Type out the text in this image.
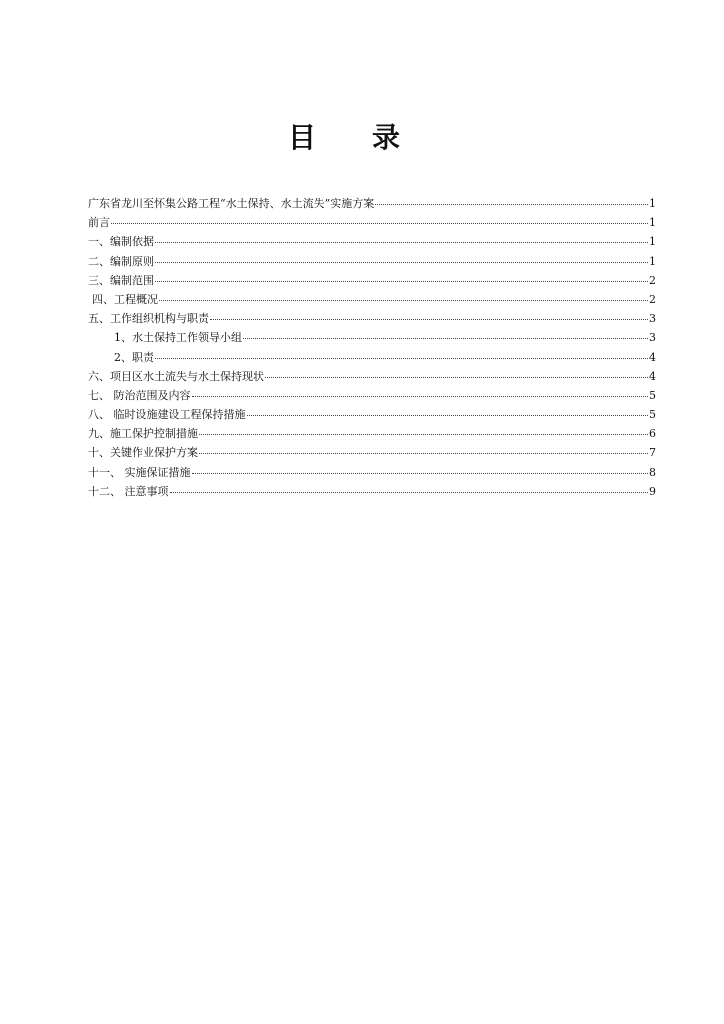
目录
广东省龙川至怀集公路工程“水土保持、水土流失”实施方案	1
前言	1
一、编制依据	1
二、编制原则	1
三、编制范围	2
四、工程概况	2
五、工作组织机构与职责	3
1、水土保持工作领导小组	3
2、职责	4
六、项目区水土流失与水土保持现状	4
七、 防治范围及内容	5
八、 临时设施建设工程保持措施	5
九、施工保护控制措施	6
十、关键作业保护方案	7
十一、 实施保证措施	8
十二、 注意事项	9
